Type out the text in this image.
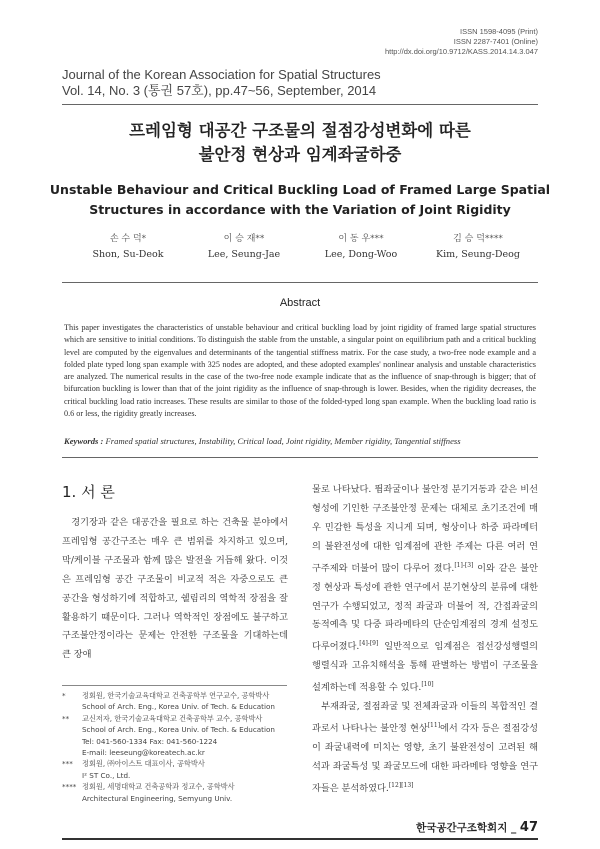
ISSN 1598-4095 (Print)
ISSN 2287-7401 (Online)
http://dx.doi.org/10.9712/KASS.2014.14.3.047
Journal of the Korean Association for Spatial Structures
Vol. 14, No. 3 (통권 57호), pp.47~56, September, 2014
프레임형 대공간 구조물의 절점강성변화에 따른
불안정 현상과 임계좌굴하중
Unstable Behaviour and Critical Buckling Load of Framed Large Spatial
Structures in accordance with the Variation of Joint Rigidity
손 수 덕*
Shon, Su-Deok
이 승 재**
Lee, Seung-Jae
이 동 우***
Lee, Dong-Woo
김 승 덕****
Kim, Seung-Deog
Abstract
This paper investigates the characteristics of unstable behaviour and critical buckling load by joint rigidity of framed large spatial structures which are sensitive to initial conditions. To distinguish the stable from the unstable, a singular point on equilibrium path and a critical buckling level are computed by the eigenvalues and determinants of the tangential stiffness matrix. For the case study, a two-free node example and a folded plate typed long span example with 325 nodes are adopted, and these adopted examples' nonlinear analysis and unstable characteristics are analyzed. The numerical results in the case of the two-free node example indicate that as the influence of snap-through is bigger; that of bifurcation buckling is lower than that of the joint rigidity as the influence of snap-through is lower. Besides, when the rigidity decreases, the critical buckling load ratio increases. These results are similar to those of the folded-typed long span example. When the buckling load ratio is 0.6 or less, the rigidity greatly increases.
Keywords : Framed spatial structures, Instability, Critical load, Joint rigidity, Member rigidity, Tangential stiffness
1. 서 론

경기장과 같은 대공간을 필요로 하는 건축물 분야에서 프레임형 공간구조는 매우 큰 범위를 차지하고 있으며, 막/케이블 구조물과 함께 많은 발전을 거듭해 왔다. 이것은 프레임형 공간 구조물이 비교적 적은 자중으로도 큰 공간을 형성하기에 적합하고, 쉘림리의 역학적 장점을 잘 활용하기 때문이다. 그러나 역학적인 장점에도 불구하고 구조불안정이라는 문제는 안전한 구조물을 기대하는데 큰 장애

*	정회원, 한국기술교육대학교 건축공학부 연구교수, 공학박사
School of Arch. Eng., Korea Univ. of Tech. & Education
**	교신저자, 한국기술교육대학교 건축공학부 교수, 공학박사
School of Arch. Eng., Korea Univ. of Tech. & Education
Tel: 041-560-1334 Fax: 041-560-1224
E-mail: leeseung@koreatech.ac.kr
***	정회원, ㈜아이스트 대표이사, 공학박사
I² ST Co., Ltd.
**** 정회원, 세명대학교 건축공학과 정교수, 공학박사
Architectural Engineering, Semyung Univ.

물로 나타났다. 뜀좌굴이나 불안정 분기거동과 같은 비선형성에 기인한 구조불안정 문제는 대체로 초기조건에 매우 민감한 특성을 지니게 되며, 형상이나 하중 파라메터의 불완전성에 대한 임계점에 관한 주제는 다른 여러 연구주제와 더불어 많이 다루어 졌다.[1]-[3] 이와 같은 불안정 현상과 특성에 관한 연구에서 분기현상의 분류에 대한 연구가 수행되었고, 정적 좌굴과 더불어 적, 간접좌굴의 동적예측 및 다중 파라메타의 단순임계점의 경계 설정도 다루어졌다.[4]-[9] 일반적으로 임계점은 접선강성행렬의 행렬식과 고유치해석을 통해 판별하는 방법이 구조물을 설계하는데 적용할 수 있다.[10]

부재좌굴, 절점좌굴 및 전체좌굴과 이들의 복합적인 결과로서 나타나는 불안정 현상[11]에서 각자 등은 절점강성이 좌굴내력에 미치는 영향, 초기 불완전성이 고려된 해석과 좌굴특성 및 좌굴모드에 대한 파라메타 영향을 연구자들은 분석하였다.[12][13]

한국공간구조학회지 _ 47
